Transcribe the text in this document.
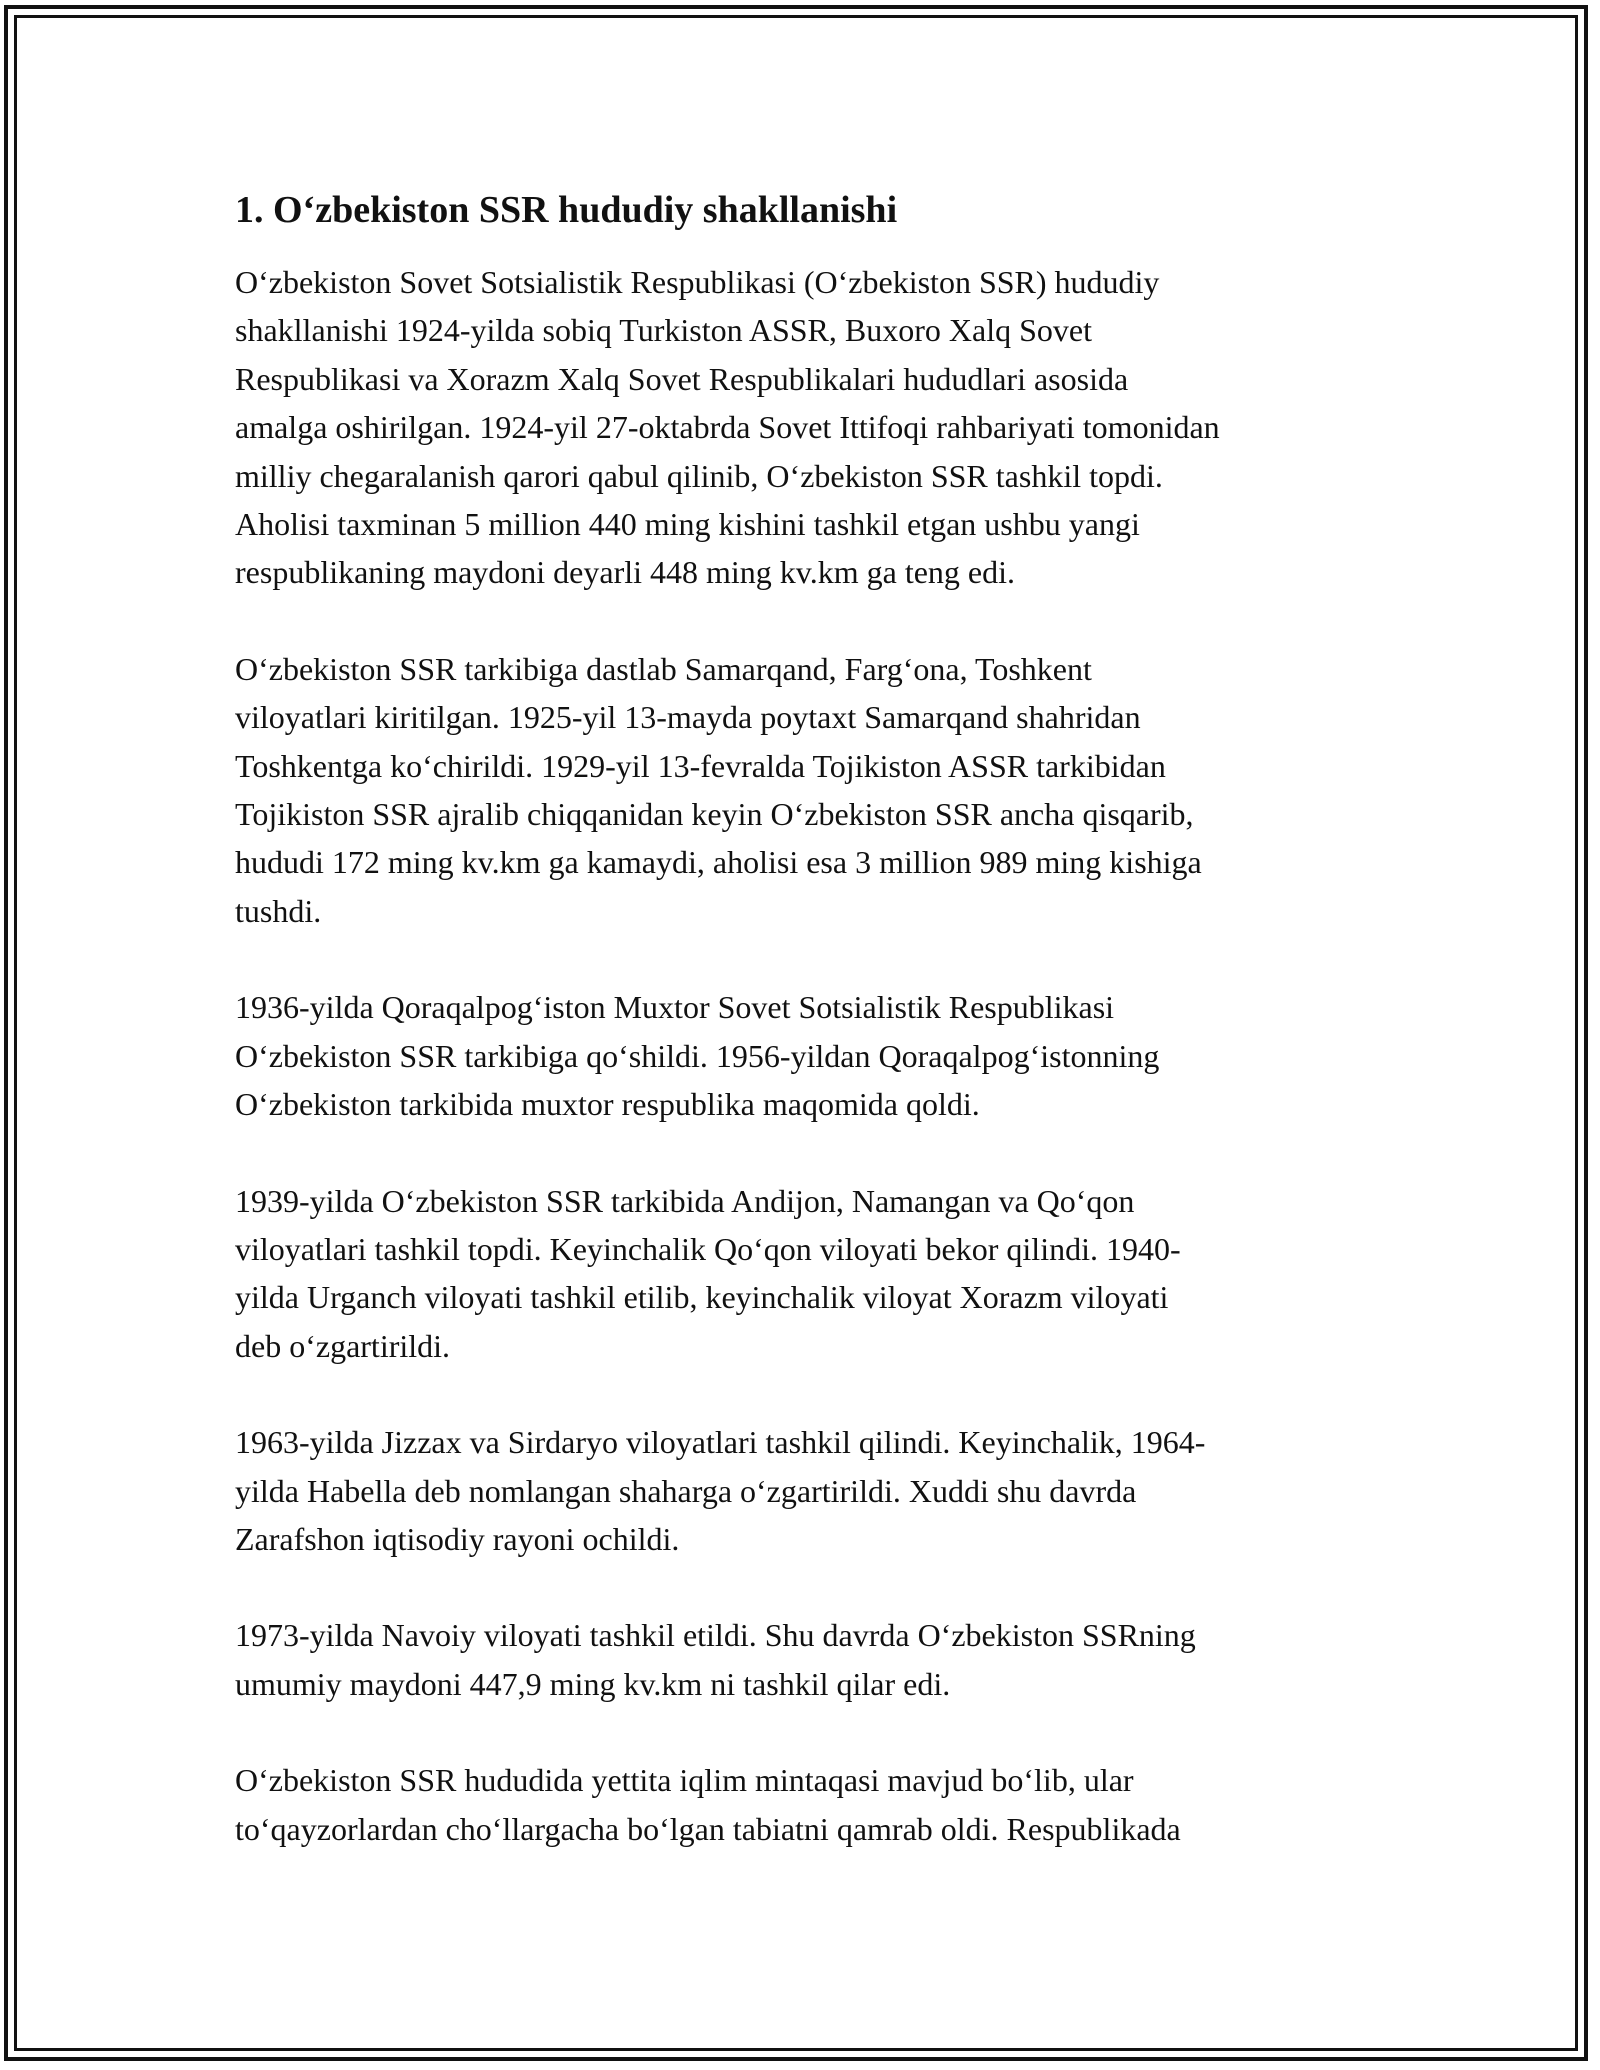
1. O‘zbekiston SSR hududiy shakllanishi

O‘zbekiston Sovet Sotsialistik Respublikasi (O‘zbekiston SSR) hududiy
shakllanishi 1924-yilda sobiq Turkiston ASSR, Buxoro Xalq Sovet
Respublikasi va Xorazm Xalq Sovet Respublikalari hududlari asosida
amalga oshirilgan. 1924-yil 27-oktabrda Sovet Ittifoqi rahbariyati tomonidan
milliy chegaralanish qarori qabul qilinib, O‘zbekiston SSR tashkil topdi.
Aholisi taxminan 5 million 440 ming kishini tashkil etgan ushbu yangi
respublikaning maydoni deyarli 448 ming kv.km ga teng edi.

O‘zbekiston SSR tarkibiga dastlab Samarqand, Farg‘ona, Toshkent
viloyatlari kiritilgan. 1925-yil 13-mayda poytaxt Samarqand shahridan
Toshkentga ko‘chirildi. 1929-yil 13-fevralda Tojikiston ASSR tarkibidan
Tojikiston SSR ajralib chiqqanidan keyin O‘zbekiston SSR ancha qisqarib,
hududi 172 ming kv.km ga kamaydi, aholisi esa 3 million 989 ming kishiga
tushdi.

1936-yilda Qoraqalpog‘iston Muxtor Sovet Sotsialistik Respublikasi
O‘zbekiston SSR tarkibiga qo‘shildi. 1956-yildan Qoraqalpog‘istonning
O‘zbekiston tarkibida muxtor respublika maqomida qoldi.

1939-yilda O‘zbekiston SSR tarkibida Andijon, Namangan va Qo‘qon
viloyatlari tashkil topdi. Keyinchalik Qo‘qon viloyati bekor qilindi. 1940-
yilda Urganch viloyati tashkil etilib, keyinchalik viloyat Xorazm viloyati
deb o‘zgartirildi.

1963-yilda Jizzax va Sirdaryo viloyatlari tashkil qilindi. Keyinchalik, 1964-
yilda Habella deb nomlangan shaharga o‘zgartirildi. Xuddi shu davrda
Zarafshon iqtisodiy rayoni ochildi.

1973-yilda Navoiy viloyati tashkil etildi. Shu davrda O‘zbekiston SSRning
umumiy maydoni 447,9 ming kv.km ni tashkil qilar edi.

O‘zbekiston SSR hududida yettita iqlim mintaqasi mavjud bo‘lib, ular
to‘qayzorlardan cho‘llargacha bo‘lgan tabiatni qamrab oldi. Respublikada
